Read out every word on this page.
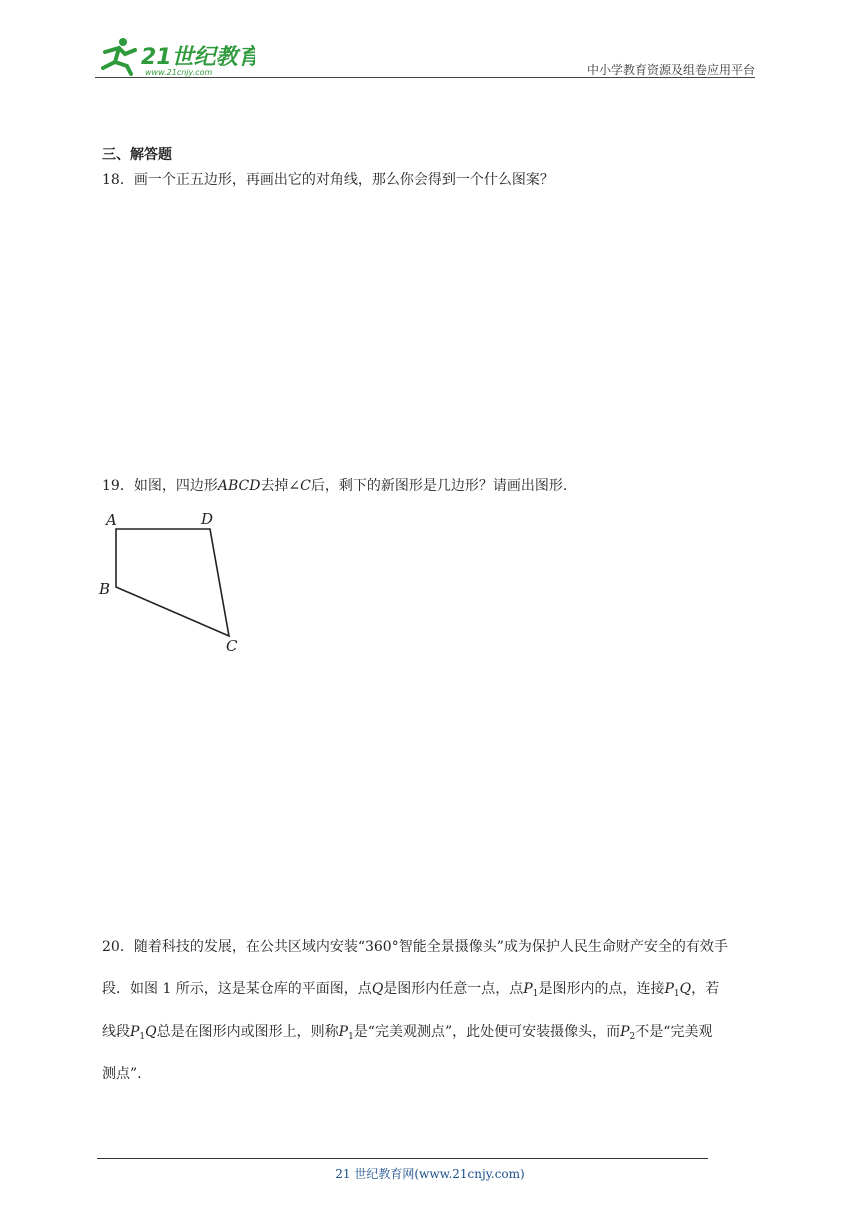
21世纪教育
www.21cnjy.com	中小学教育资源及组卷应用平台
三、解答题
18．画一个正五边形，再画出它的对角线，那么你会得到一个什么图案？
19．如图，四边形ABCD去掉∠C后，剩下的新图形是几边形？请画出图形.
A	D
B
C
20．随着科技的发展，在公共区域内安装“360°智能全景摄像头”成为保护人民生命财产安全的有效手
段．如图 1 所示，这是某仓库的平面图，点Q是图形内任意一点，点$P_1$是图形内的点，连接$P_1Q$，若
线段$P_1Q$总是在图形内或图形上，则称$P_1$是“完美观测点”，此处便可安装摄像头，而$P_2$不是“完美观
测点”.
21 世纪教育网(www.21cnjy.com)
